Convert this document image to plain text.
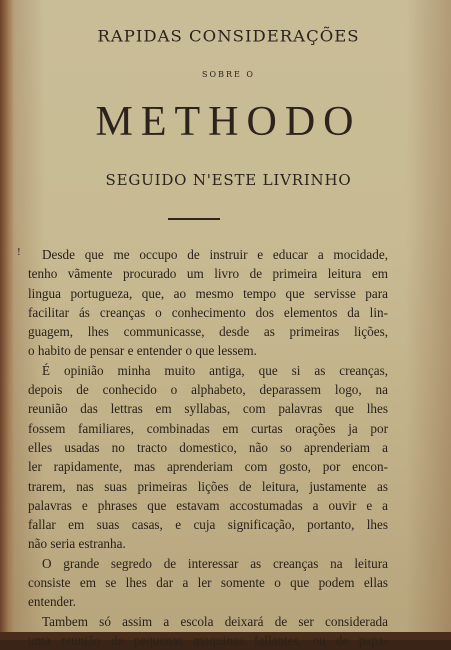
RAPIDAS CONSIDERAÇÕES
SOBRE O
METHODO
SEGUIDO N'ESTE LIVRINHO
!	Desde que me occupo de instruir e educar a mocidade,
tenho vãmente procurado um livro de primeira leitura em
lingua portugueza, que, ao mesmo tempo que servisse para
facilitar ás creanças o conhecimento dos elementos da lin-
guagem, lhes communicasse, desde as primeiras lições,
o habito de pensar e entender o que lessem.
É opinião minha muito antiga, que si as creanças,
depois de conhecido o alphabeto, deparassem logo, na
reunião das lettras em syllabas, com palavras que lhes
fossem familiares, combinadas em curtas orações ja por
elles usadas no tracto domestico, não so aprenderiam a
ler rapidamente, mas aprenderiam com gosto, por encon-
trarem, nas suas primeiras lições de leitura, justamente as
palavras e phrases que estavam accostumadas a ouvir e a
fallar em suas casas, e cuja significação, portanto, lhes
não seria estranha.
O grande segredo de interessar as creanças na leitura
consiste em se lhes dar a ler somente o que podem ellas
entender.
Tambem só assim a escola deixará de ser considerada
uma reunião de pequenas maquinas fallantes, ou de papa-
